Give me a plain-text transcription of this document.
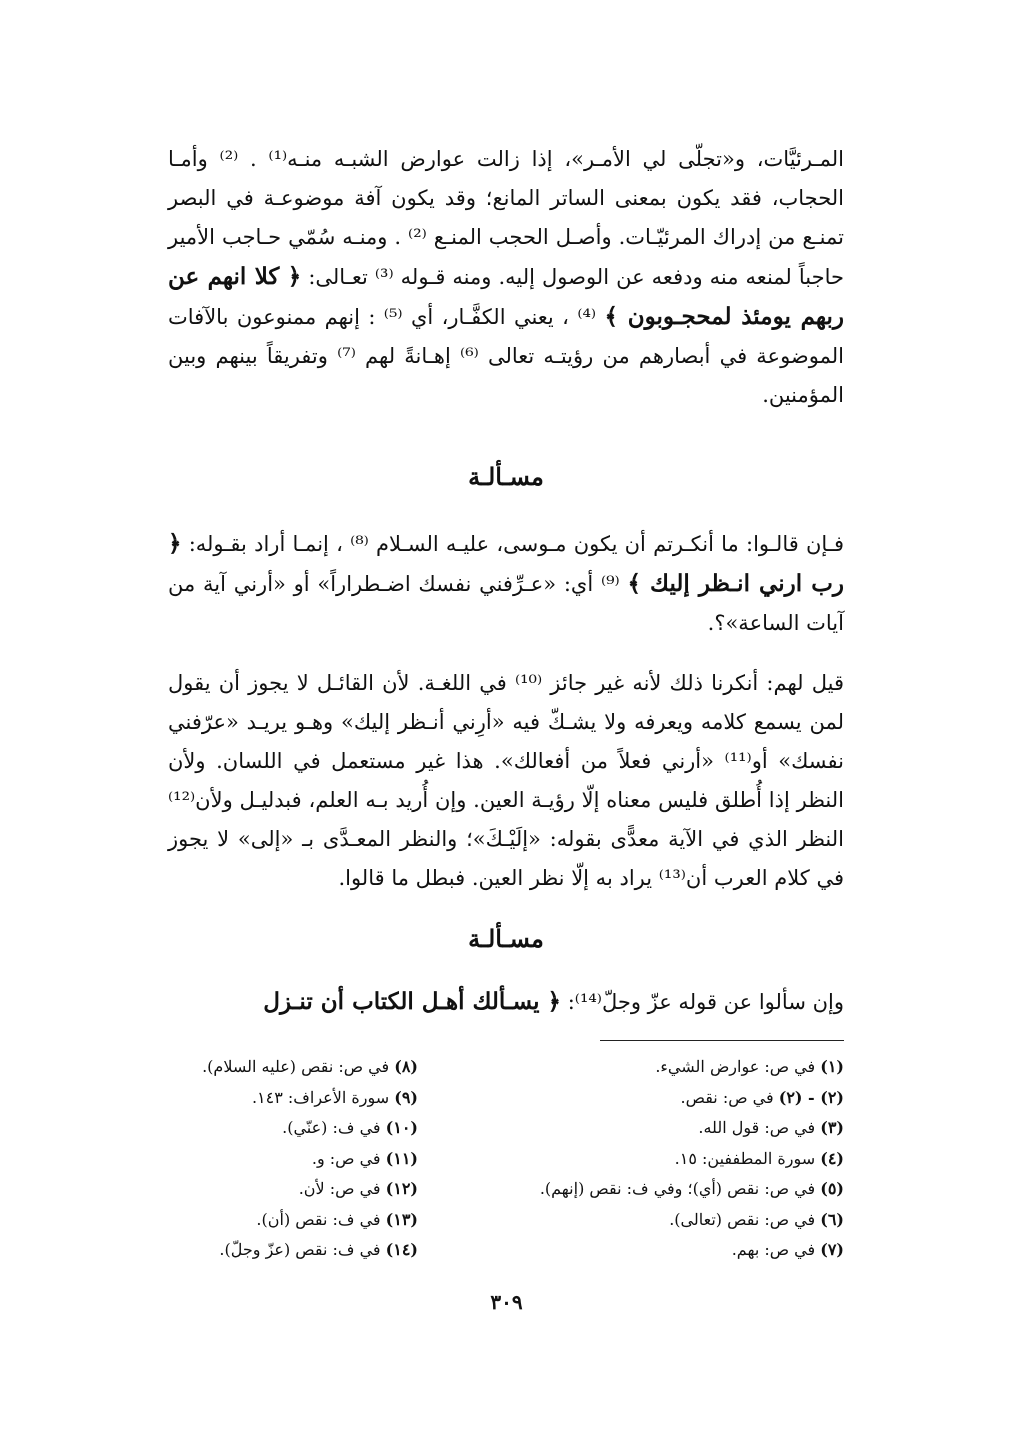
المـرئيَّات، و«تجلّى لي الأمـر»، إذا زالت عوارض الشبـه منـه⁽¹⁾ . ⁽²⁾ وأمـا الحجاب، فقد يكون بمعنى الساتر المانع؛ وقد يكون آفة موضوعـة في البصر تمنـع من إدراك المرئيّـات. وأصـل الحجب المنـع ⁽²⁾ . ومنـه سُمّي حـاجب الأمير حاجباً لمنعه منه ودفعه عن الوصول إليه. ومنه قـوله ⁽³⁾ تعـالى: ﴿ كلا انهم عن ربهم يومئذ لمحجـوبون ﴾ ⁽⁴⁾ ، يعني الكفَّـار، أي ⁽⁵⁾ : إنهم ممنوعون بالآفات الموضوعة في أبصارهم من رؤيتـه تعالى ⁽⁶⁾ إهـانةً لهم ⁽⁷⁾ وتفريقاً بينهم وبين المؤمنين.

مسـألـة

فـإن قالـوا: ما أنكـرتم أن يكون مـوسى، عليـه السـلام ⁽⁸⁾ ، إنمـا أراد بقـوله: ﴿ رب ارني انـظر إليك ﴾ ⁽⁹⁾ أي: «عـرِّفني نفسك اضـطراراً» أو «أرني آية من آيات الساعة»؟.

قيل لهم: أنكرنا ذلك لأنه غير جائز ⁽¹⁰⁾ في اللغـة. لأن القائـل لا يجوز أن يقول لمن يسمع كلامه ويعرفه ولا يشـكّ فيه «أرِني أنـظر إليك» وهـو يريـد «عرّفني نفسك» أو⁽¹¹⁾ «أرني فعلاً من أفعالك». هذا غير مستعمل في اللسان. ولأن النظر إذا أُطلق فليس معناه إلّا رؤيـة العين. وإن أُريد بـه العلم، فبدليـل ولأن⁽¹²⁾ النظر الذي في الآية معدًّى بقوله: «إلَيْـكَ»؛ والنظر المعـدَّى بـ «إلى» لا يجوز في كلام العرب أن⁽¹³⁾ يراد به إلّا نظر العين. فبطل ما قالوا.

مسـألـة
وإن سألوا عن قوله عزّ وجلّ⁽¹⁴⁾: ﴿ يسـألك أهـل الكتاب أن تنـزل
(١) في ص: عوارض الشيء.
(٢) - (٢) في ص: نقص.
(٣) في ص: قول الله.
(٤) سورة المطففين: ١٥.
(٥) في ص: نقص (أي)؛ وفي ف: نقص (إنهم).
(٦) في ص: نقص (تعالى).
(٧) في ص: بهم.
(٨) في ص: نقص (عليه السلام).
(٩) سورة الأعراف: ١٤٣.
(١٠) في ف: (عنّي).
(١١) في ص: و.
(١٢) في ص: لأن.
(١٣) في ف: نقص (أن).
(١٤) في ف: نقص (عزّ وجلّ).
٣٠٩
